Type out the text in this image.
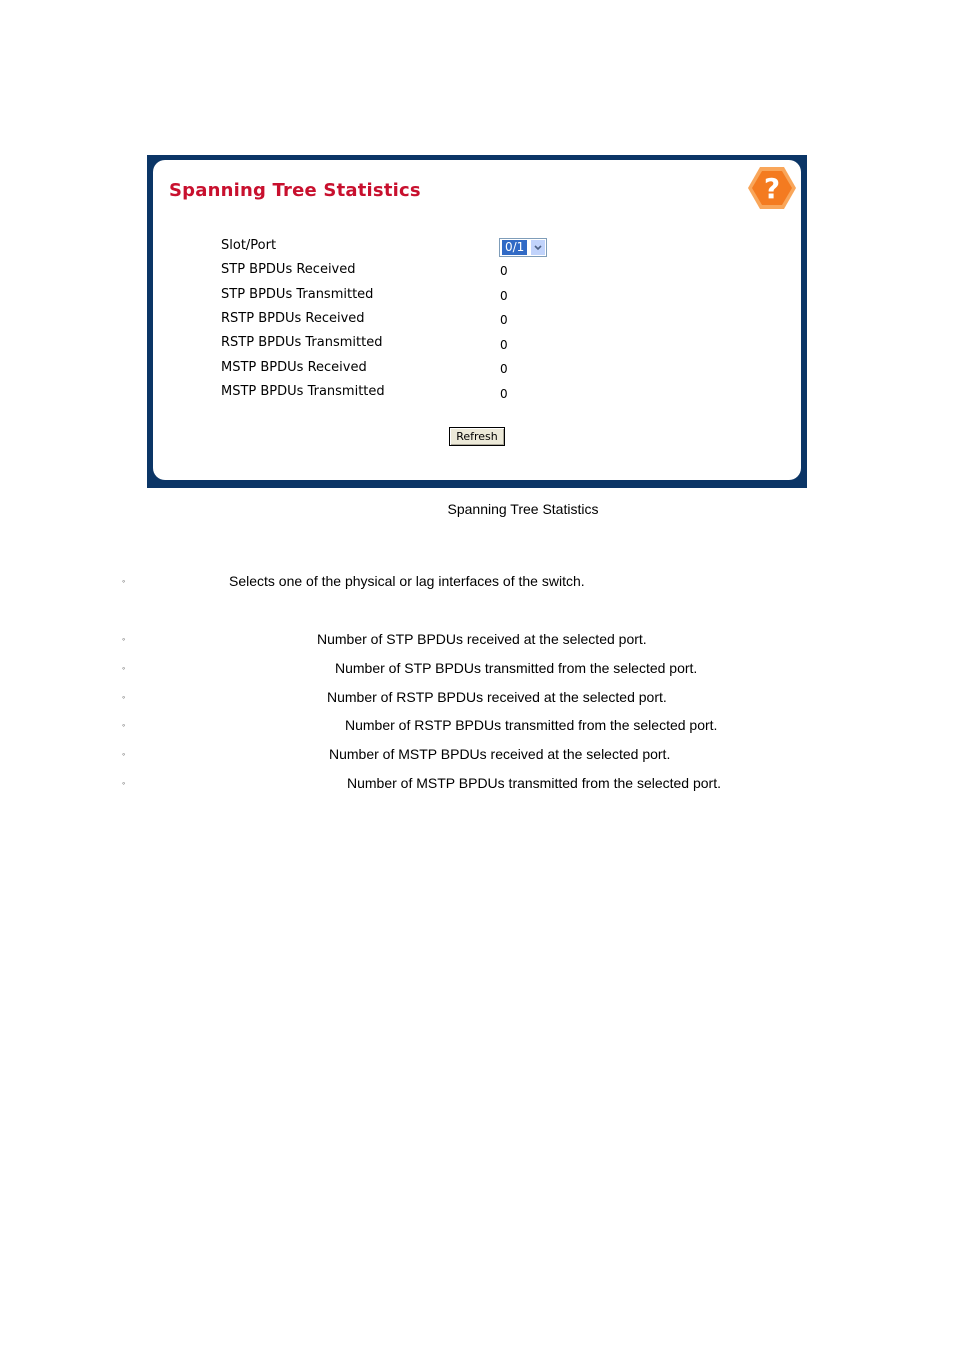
Spanning Tree Statistics	?
Slot/Port	0/1
STP BPDUs Received	0
STP BPDUs Transmitted	0
RSTP BPDUs Received	0
RSTP BPDUs Transmitted	0
MSTP BPDUs Received	0
MSTP BPDUs Transmitted	0
Refresh
Spanning Tree Statistics
◦	Selects one of the physical or lag interfaces of the switch.
◦	Number of STP BPDUs received at the selected port.
◦	Number of STP BPDUs transmitted from the selected port.
◦	Number of RSTP BPDUs received at the selected port.
◦	Number of RSTP BPDUs transmitted from the selected port.
◦	Number of MSTP BPDUs received at the selected port.
◦	Number of MSTP BPDUs transmitted from the selected port.
